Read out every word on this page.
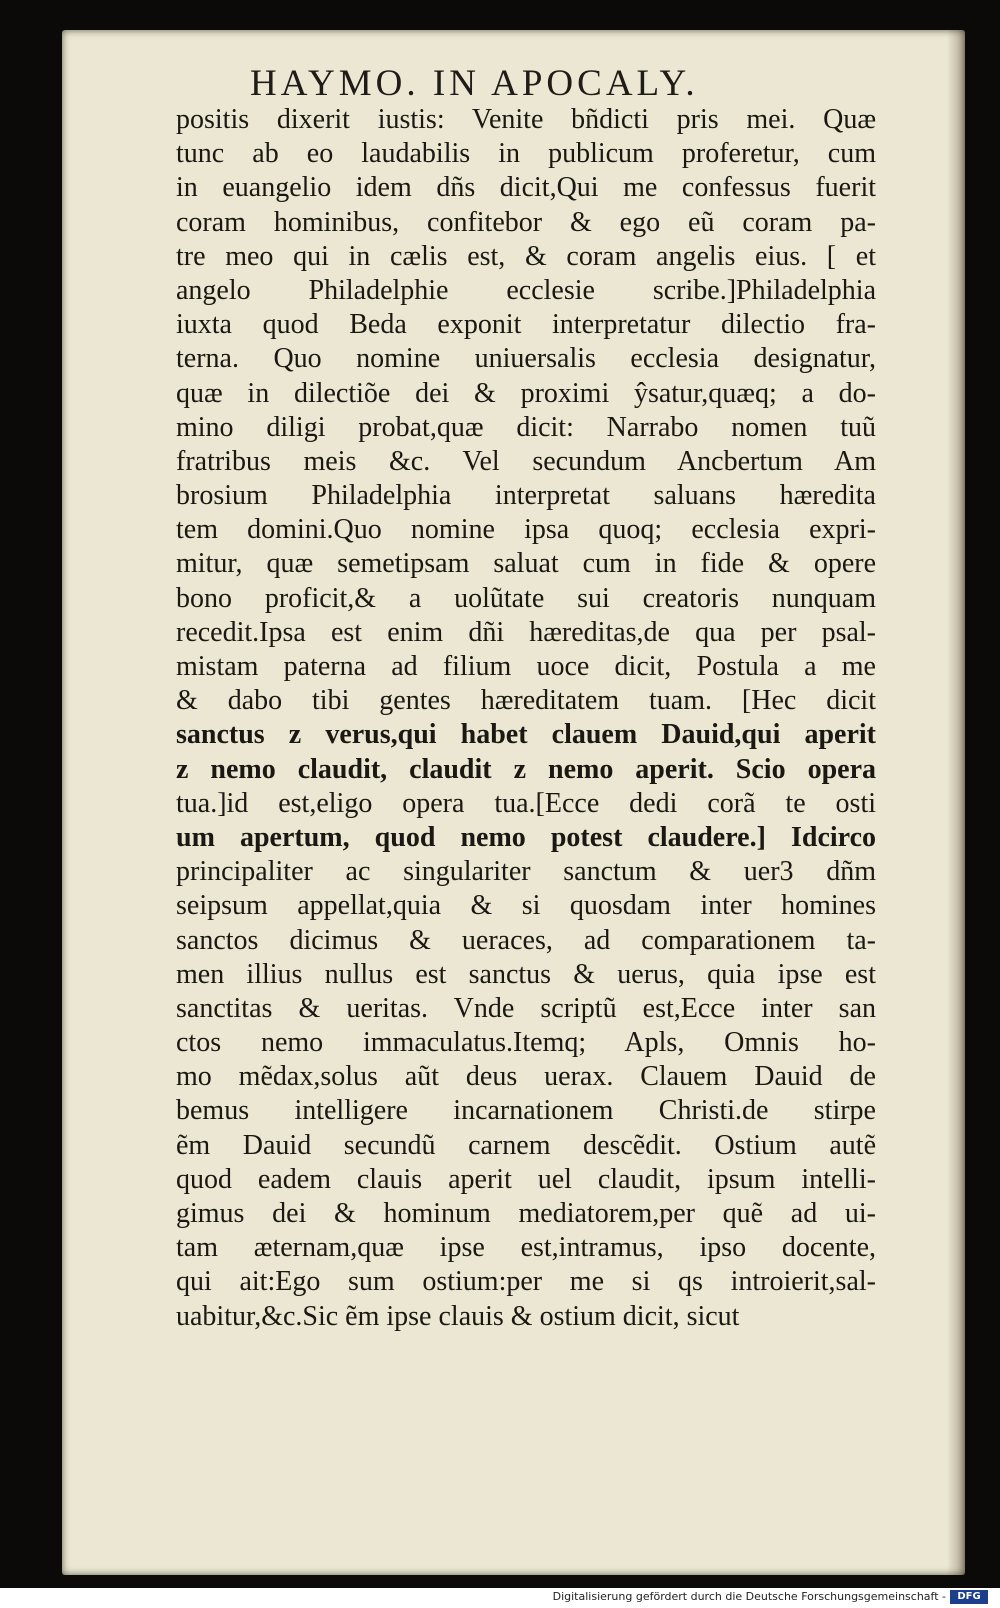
HAYMO. IN APOCALY.
positis dixerit iustis: Venite bñdicti pris mei. Quæ
tunc ab eo laudabilis in publicum proferetur, cum
in euangelio idem dñs dicit,Qui me confessus fuerit
coram hominibus, confitebor & ego eũ coram pa-
tre meo qui in cælis est, & coram angelis eius. [ et
angelo Philadelphie ecclesie scribe.]Philadelphia
iuxta quod Beda exponit interpretatur dilectio fra-
terna. Quo nomine uniuersalis ecclesia designatur,
quæ in dilectiõe dei & proximi ŷsatur,quæq; a do-
mino diligi probat,quæ dicit: Narrabo nomen tuũ
fratribus meis &c. Vel secundum Ancbertum Am
brosium Philadelphia interpretat saluans hæredita
tem domini.Quo nomine ipsa quoq; ecclesia expri-
mitur, quæ semetipsam saluat cum in fide & opere
bono proficit,& a uolũtate sui creatoris nunquam
recedit.Ipsa est enim dñi hæreditas,de qua per psal-
mistam paterna ad filium uoce dicit, Postula a me
& dabo tibi gentes hæreditatem tuam. [Hec dicit
sanctus z verus,qui habet clauem Dauid,qui aperit
z nemo claudit, claudit z nemo aperit. Scio opera
tua.]id est,eligo opera tua.[Ecce dedi corã te osti
um apertum, quod nemo potest claudere.] Idcirco
principaliter ac singulariter sanctum & uer3 dñm
seipsum appellat,quia & si quosdam inter homines
sanctos dicimus & ueraces, ad comparationem ta-
men illius nullus est sanctus & uerus, quia ipse est
sanctitas & ueritas. Vnde scriptũ est,Ecce inter san
ctos nemo immaculatus.Itemq; Apls, Omnis ho-
mo mẽdax,solus aũt deus uerax. Clauem Dauid de
bemus intelligere incarnationem Christi.de stirpe
ẽm Dauid secundũ carnem descẽdit. Ostium autẽ
quod eadem clauis aperit uel claudit, ipsum intelli-
gimus dei & hominum mediatorem,per quẽ ad ui-
tam æternam,quæ ipse est,intramus, ipso docente,
qui ait:Ego sum ostium:per me si qs introierit,sal-
uabitur,&c.Sic ẽm ipse clauis & ostium dicit, sicut
Digitalisierung gefördert durch die Deutsche Forschungsgemeinschaft -	DFG
